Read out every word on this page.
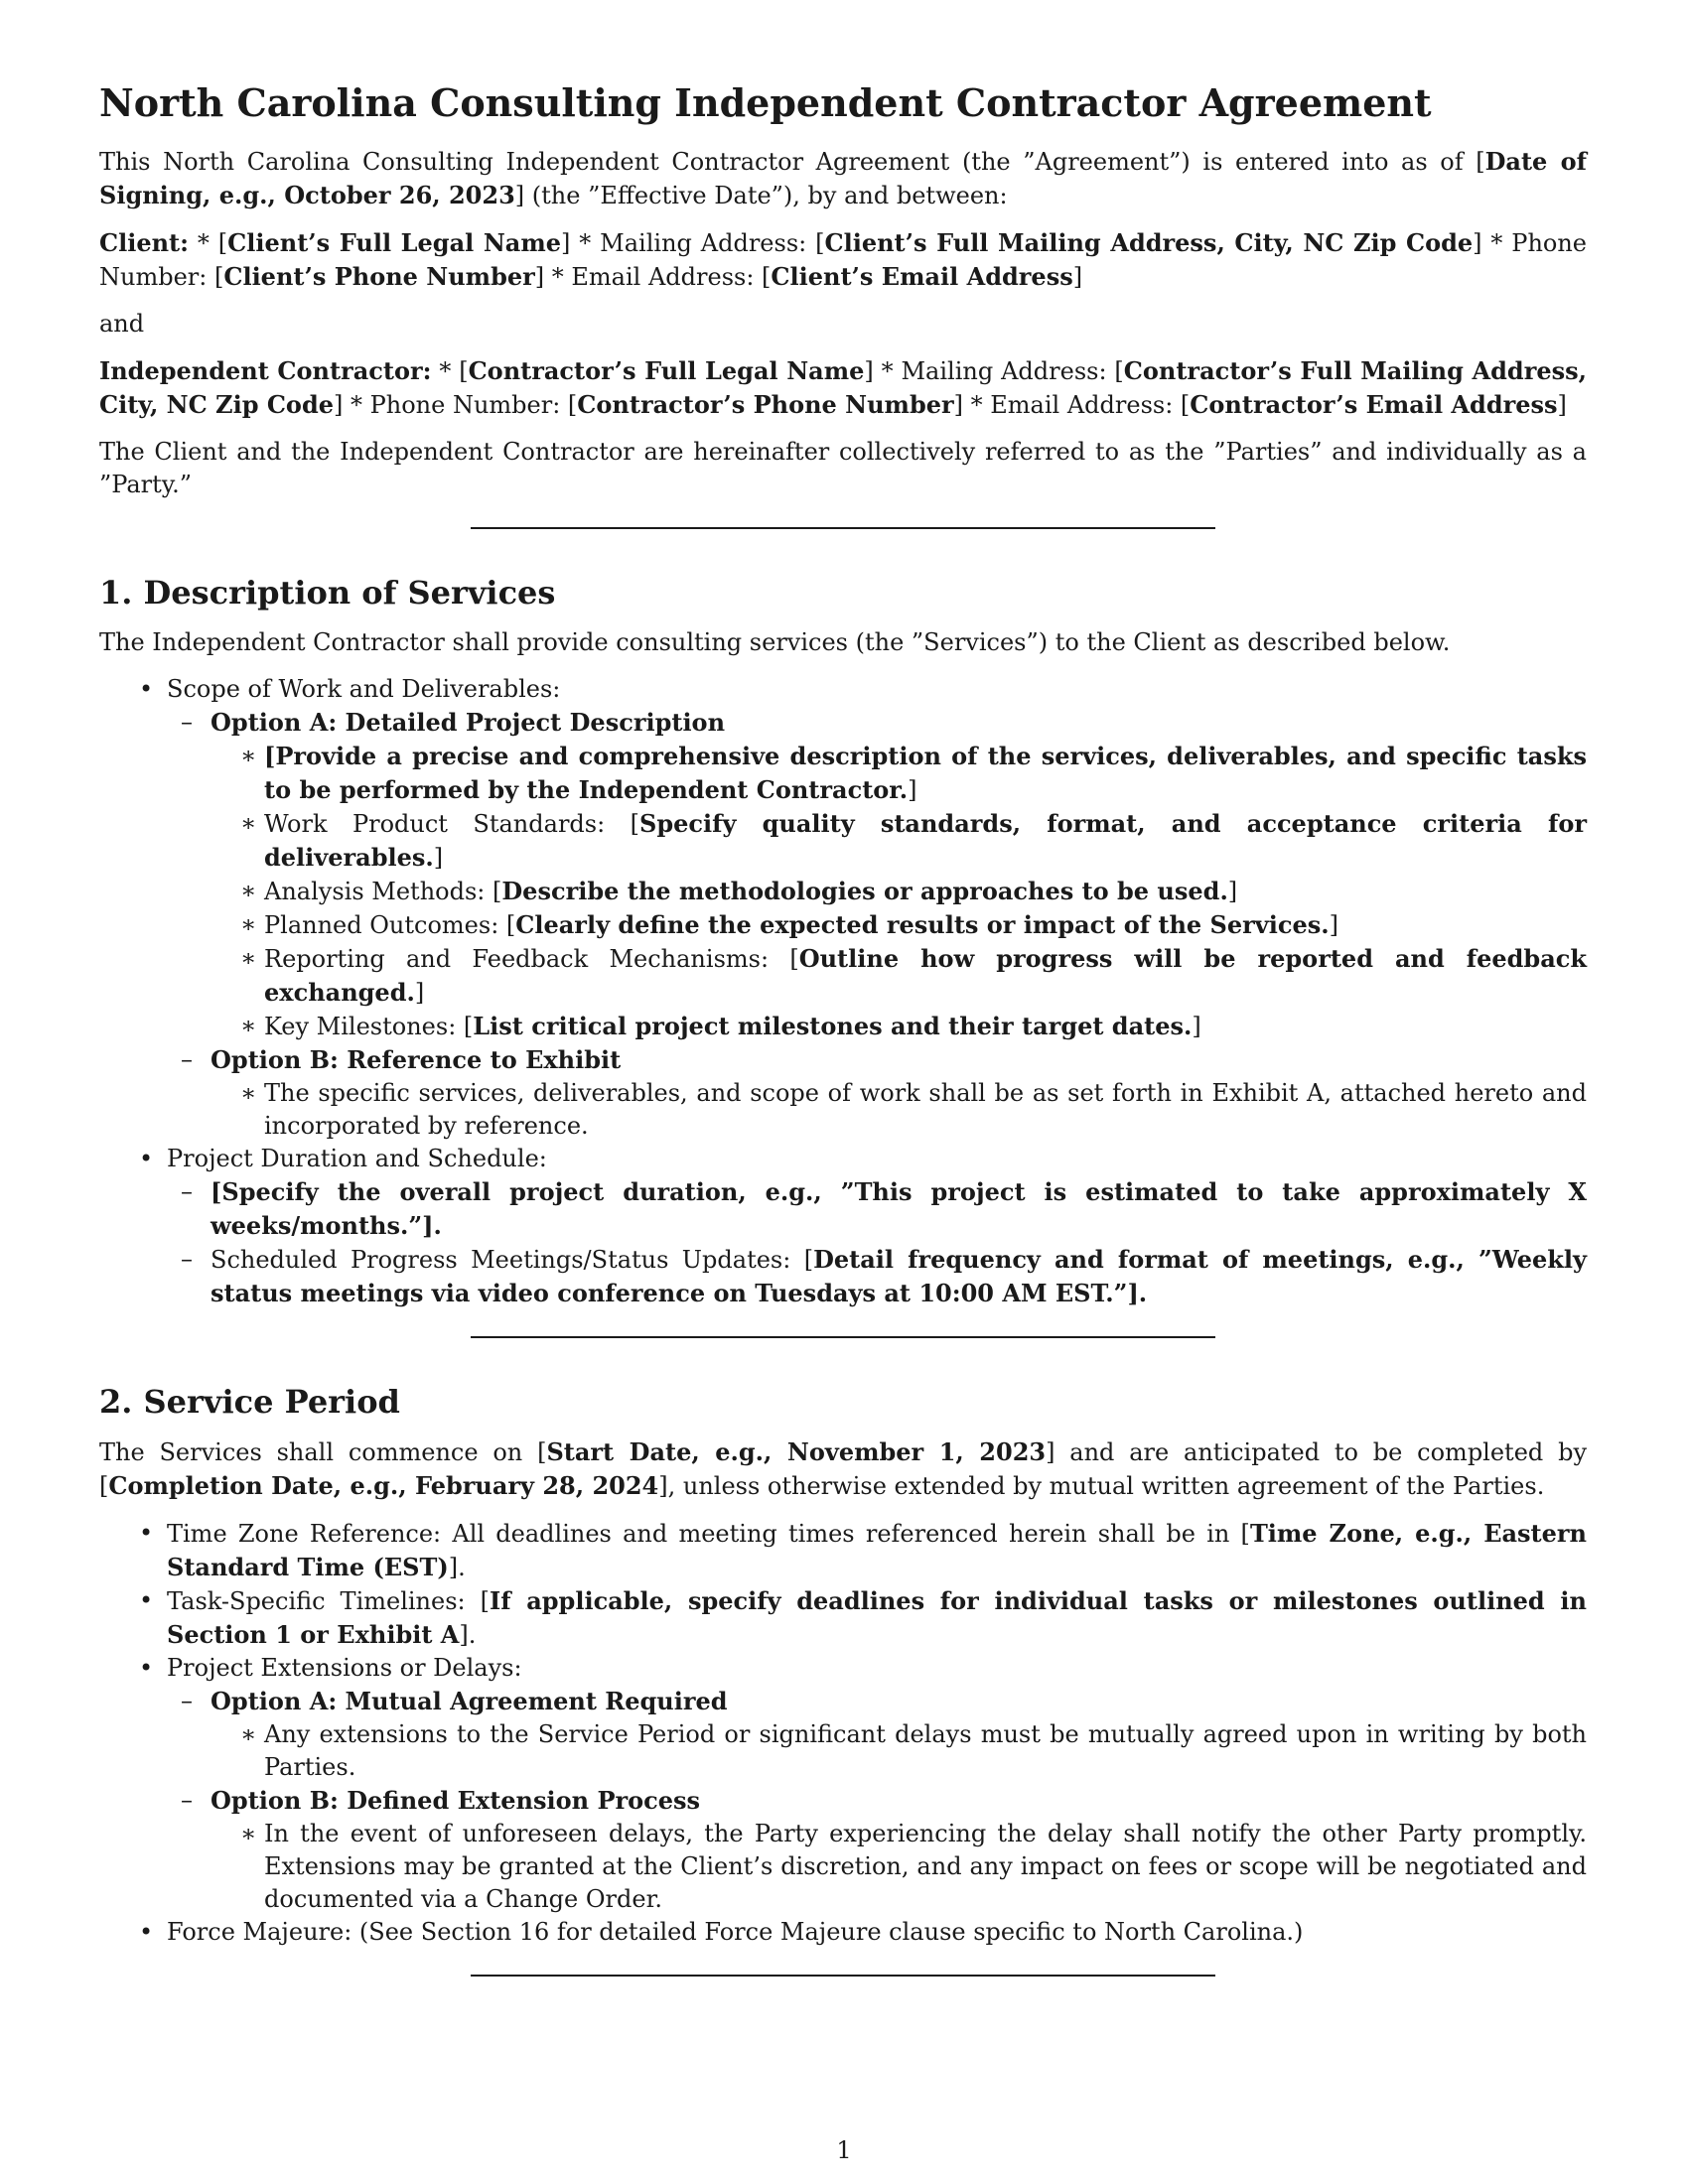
North Carolina Consulting Independent Contractor Agreement

This North Carolina Consulting Independent Contractor Agreement (the ”Agreement”) is entered into as of [Date of Signing, e.g., October 26, 2023] (the ”Effective Date”), by and between:

Client: * [Client’s Full Legal Name] * Mailing Address: [Client’s Full Mailing Address, City, NC Zip Code] * Phone Number: [Client’s Phone Number] * Email Address: [Client’s Email Address]

and

Independent Contractor: * [Contractor’s Full Legal Name] * Mailing Address: [Contractor’s Full Mailing Address, City, NC Zip Code] * Phone Number: [Contractor’s Phone Number] * Email Address: [Contractor’s Email Address]

The Client and the Independent Contractor are hereinafter collectively referred to as the ”Parties” and individually as a ”Party.”

1. Description of Services

The Independent Contractor shall provide consulting services (the ”Services”) to the Client as described below.

• Scope of Work and Deliverables:
– Option A: Detailed Project Description
∗ [Provide a precise and comprehensive description of the services, deliverables, and specific tasks to be performed by the Independent Contractor.]
∗ Work Product Standards: [Specify quality standards, format, and acceptance criteria for deliverables.]
∗ Analysis Methods: [Describe the methodologies or approaches to be used.]
∗ Planned Outcomes: [Clearly define the expected results or impact of the Services.]
∗ Reporting and Feedback Mechanisms: [Outline how progress will be reported and feedback exchanged.]
∗ Key Milestones: [List critical project milestones and their target dates.]
– Option B: Reference to Exhibit
∗ The specific services, deliverables, and scope of work shall be as set forth in Exhibit A, attached hereto and incorporated by reference.
• Project Duration and Schedule:
– [Specify the overall project duration, e.g., ”This project is estimated to take approximately X weeks/months.”].
– Scheduled Progress Meetings/Status Updates: [Detail frequency and format of meetings, e.g., ”Weekly status meetings via video conference on Tuesdays at 10:00 AM EST.”].
2. Service Period

The Services shall commence on [Start Date, e.g., November 1, 2023] and are anticipated to be completed by [Completion Date, e.g., February 28, 2024], unless otherwise extended by mutual written agreement of the Parties.

• Time Zone Reference: All deadlines and meeting times referenced herein shall be in [Time Zone, e.g., Eastern Standard Time (EST)].
• Task-Specific Timelines: [If applicable, specify deadlines for individual tasks or milestones outlined in Section 1 or Exhibit A].
• Project Extensions or Delays:
– Option A: Mutual Agreement Required
∗ Any extensions to the Service Period or significant delays must be mutually agreed upon in writing by both Parties.
– Option B: Defined Extension Process
∗ In the event of unforeseen delays, the Party experiencing the delay shall notify the other Party promptly. Extensions may be granted at the Client’s discretion, and any impact on fees or scope will be negotiated and documented via a Change Order.
• Force Majeure: (See Section 16 for detailed Force Majeure clause specific to North Carolina.)
1
